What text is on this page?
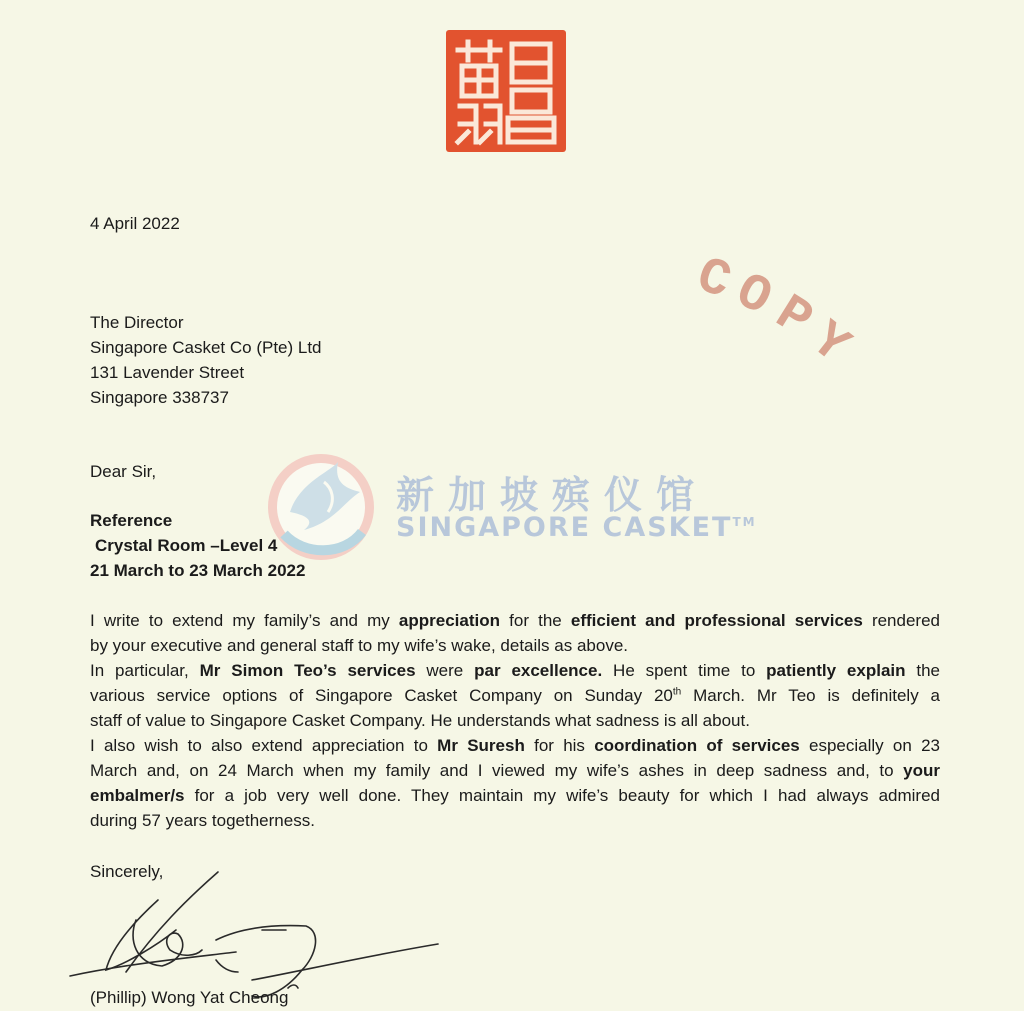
C
O
P
Y
新加坡殡仪馆
SINGAPORE CASKET™
4 April 2022
The Director
Singapore Casket Co (Pte) Ltd
131 Lavender Street
Singapore 338737
Dear Sir,
Reference
Crystal Room –Level 4
21 March to 23 March 2022

I write to extend my family’s and my appreciation for the efficient and professional services rendered

by your executive and general staff to my wife’s wake, details as above.

In particular, Mr Simon Teo’s services were par excellence. He spent time to patiently explain the

various service options of Singapore Casket Company on Sunday 20th March. Mr Teo is definitely a

staff of value to Singapore Casket Company. He understands what sadness is all about.

I also wish to also extend appreciation to Mr Suresh for his coordination of services especially on 23

March and, on 24 March when my family and I viewed my wife’s ashes in deep sadness and, to your

embalmer/s for a job very well done. They maintain my wife’s beauty for which I had always admired

during 57 years togetherness.

Sincerely,
(Phillip) Wong Yat Cheong
